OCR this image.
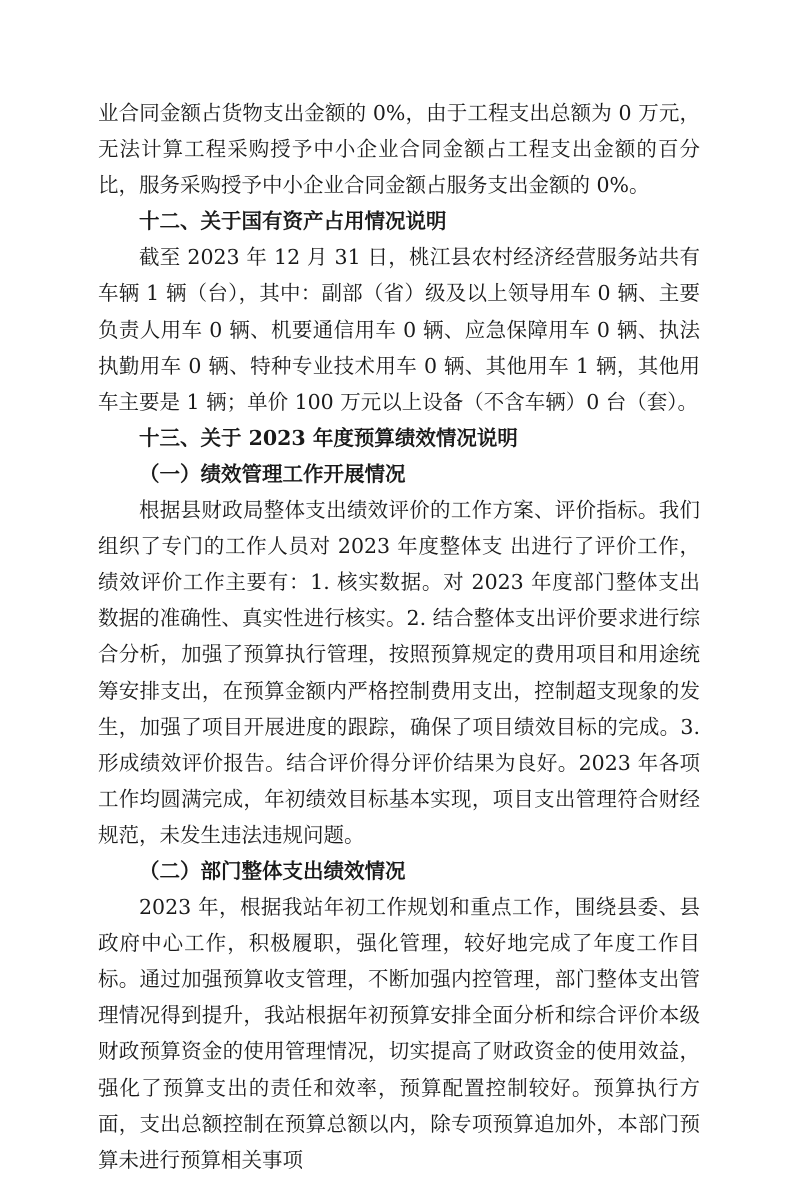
业合同金额占货物支出金额的 0%，由于工程支出总额为 0 万元，无法计算工程采购授予中小企业合同金额占工程支出金额的百分比，服务采购授予中小企业合同金额占服务支出金额的 0%。

十二、关于国有资产占用情况说明

截至 2023 年 12 月 31 日，桃江县农村经济经营服务站共有车辆 1 辆（台），其中：副部（省）级及以上领导用车 0 辆、主要负责人用车 0 辆、机要通信用车 0 辆、应急保障用车 0 辆、执法执勤用车 0 辆、特种专业技术用车 0 辆、其他用车 1 辆，其他用车主要是 1 辆；单价 100 万元以上设备（不含车辆）0 台（套）。

十三、关于 2023 年度预算绩效情况说明

（一）绩效管理工作开展情况

根据县财政局整体支出绩效评价的工作方案、评价指标。我们组织了专门的工作人员对 2023 年度整体支 出进行了评价工作，绩效评价工作主要有：1. 核实数据。对 2023 年度部门整体支出数据的准确性、真实性进行核实。2. 结合整体支出评价要求进行综合分析，加强了预算执行管理，按照预算规定的费用项目和用途统筹安排支出，在预算金额内严格控制费用支出，控制超支现象的发生，加强了项目开展进度的跟踪，确保了项目绩效目标的完成。3. 形成绩效评价报告。结合评价得分评价结果为良好。2023 年各项工作均圆满完成，年初绩效目标基本实现，项目支出管理符合财经规范，未发生违法违规问题。

（二）部门整体支出绩效情况

2023 年，根据我站年初工作规划和重点工作，围绕县委、县政府中心工作，积极履职，强化管理，较好地完成了年度工作目标。通过加强预算收支管理，不断加强内控管理，部门整体支出管理情况得到提升，我站根据年初预算安排全面分析和综合评价本级财政预算资金的使用管理情况，切实提高了财政资金的使用效益，强化了预算支出的责任和效率，预算配置控制较好。预算执行方面，支出总额控制在预算总额以内，除专项预算追加外，本部门预算未进行预算相关事项
